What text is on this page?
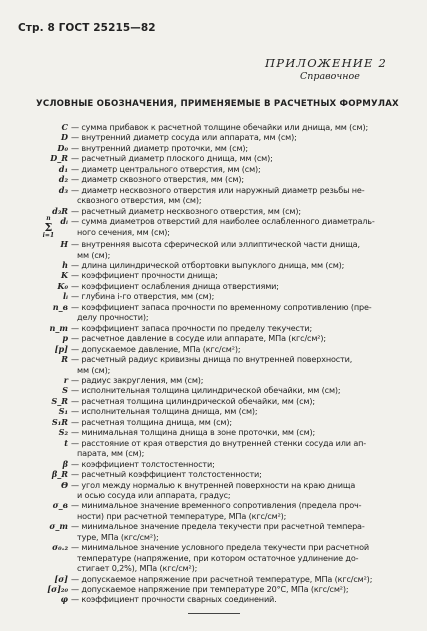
Стр. 8 ГОСТ 25215—82
ПРИЛОЖЕНИЕ 2
Справочное
УСЛОВНЫЕ ОБОЗНАЧЕНИЯ, ПРИМЕНЯЕМЫЕ В РАСЧЕТНЫХ ФОРМУЛАХ
C — сумма прибавок к расчетной толщине обечайки или днища, мм (см);
D — внутренний диаметр сосуда или аппарата, мм (см);
D₀ — внутренний диаметр проточки, мм (см);
D_R — расчетный диаметр плоского днища, мм (см);
d₁ — диаметр центрального отверстия, мм (см);
d₂ — диаметр сквозного отверстия, мм (см);
d₃ — диаметр несквозного отверстия или наружный диаметр резьбы не-
сквозного отверстия, мм (см);
d₃R — расчетный диаметр несквозного отверстия, мм (см);
n
Σ
i=1
dᵢ — сумма диаметров отверстий для наиболее ослабленного диаметраль-
ного сечения, мм (см);
H — внутренняя высота сферической или эллиптической части днища,
мм (см);
h — длина цилиндрической отбортовки выпуклого днища, мм (см);
K — коэффициент прочности днища;
K₀ — коэффициент ослабления днища отверстиями;
lᵢ — глубина i-го отверстия, мм (см);
n_в — коэффициент запаса прочности по временному сопротивлению (пре-
делу прочности);
n_т — коэффициент запаса прочности по пределу текучести;
p — расчетное давление в сосуде или аппарате, МПа (кгс/см²);
[p] — допускаемое давление, МПа (кгс/см²);
R — расчетный радиус кривизны днища по внутренней поверхности,
мм (см);
r — радиус закругления, мм (см);
S — исполнительная толщина цилиндрической обечайки, мм (см);
S_R — расчетная толщина цилиндрической обечайки, мм (см);
S₁ — исполнительная толщина днища, мм (см);
S₁R — расчетная толщина днища, мм (см);
S₂ — минимальная толщина днища в зоне проточки, мм (см);
t — расстояние от края отверстия до внутренней стенки сосуда или ап-
парата, мм (см);
β — коэффициент толстостенности;
β_R — расчетный коэффициент толстостенности;
Θ — угол между нормалью к внутренней поверхности на краю днища
и осью сосуда или аппарата, градус;
σ_в — минимальное значение временного сопротивления (предела проч-
ности) при расчетной температуре, МПа (кгс/см²);
σ_т — минимальное значение предела текучести при расчетной темпера-
туре, МПа (кгс/см²);
σ₀.₂ — минимальное значение условного предела текучести при расчетной
температуре (напряжение, при котором остаточное удлинение до-
стигает 0,2%), МПа (кгс/см²);
[σ] — допускаемое напряжение при расчетной температуре, МПа (кгс/см²);
[σ]₂₀ — допускаемое напряжение при температуре 20°С, МПа (кгс/см²);
φ — коэффициент прочности сварных соединений.
